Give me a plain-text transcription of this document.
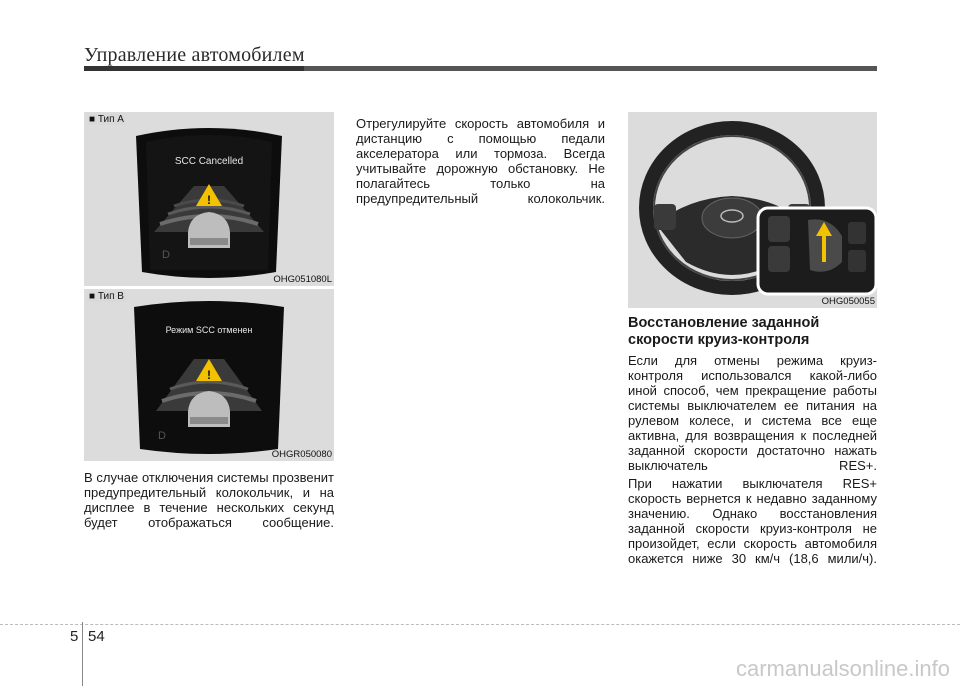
Управление автомобилем
SCC Cancelled
!
D
■ Тип A
OHG051080L
Режим SCC отменен
!
D
■ Тип B
OHGR050080

В случае отключения системы прозвенит предупредительный колокольчик, и на дисплее в течение нескольких секунд будет отображаться сообщение.

Отрегулируйте скорость автомобиля и дистанцию с помощью педали акселератора или тормоза. Всегда учитывайте дорожную обстановку. Не полагайтесь только на предупредительный колокольчик.

OHG050055
Восстановление заданной
скорости круиз-контроля

Если для отмены режима круиз-контроля использовался какой-либо иной способ, чем прекращение работы системы выключателем ее питания на рулевом колесе, и система все еще активна, для возвращения к последней заданной скорости достаточно нажать выключатель RES+.

При нажатии выключателя RES+ скорость вернется к недавно заданному значению. Однако восстановления заданной скорости круиз-контроля не произойдет, если скорость автомобиля окажется ниже 30 км/ч (18,6 мили/ч).

5 54
carmanualsonline.info
